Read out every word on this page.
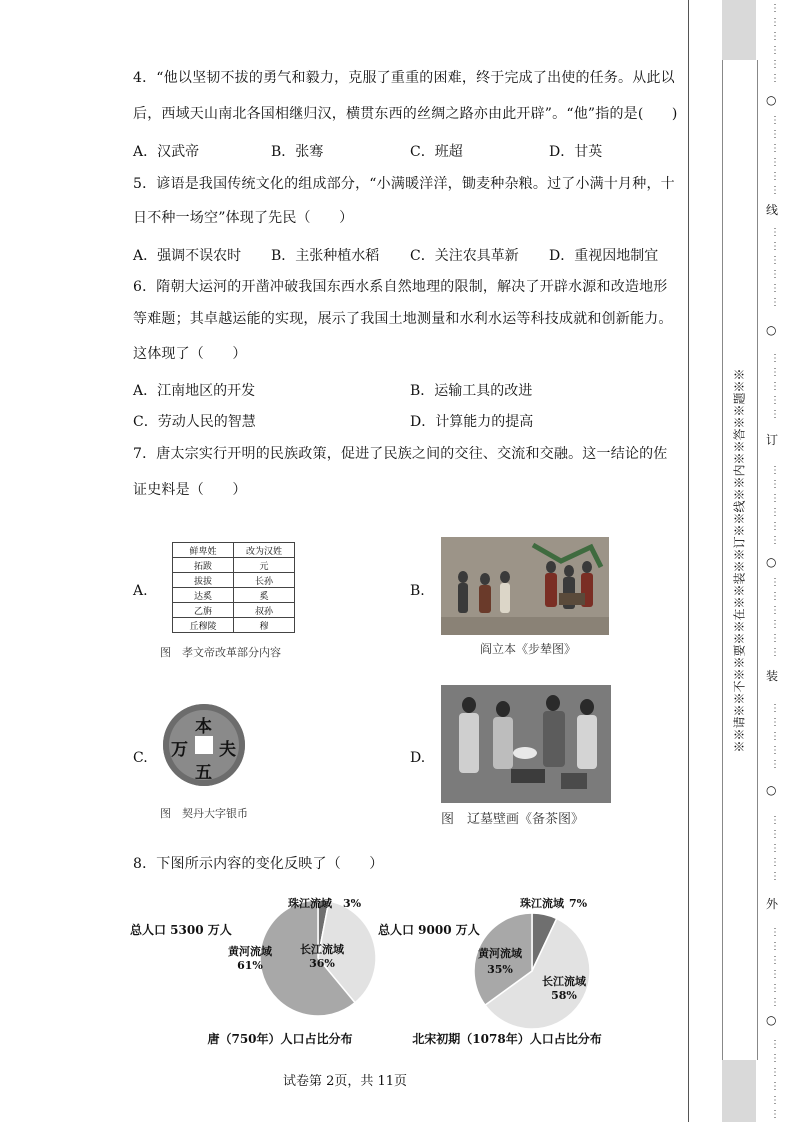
4．“他以坚韧不拔的勇气和毅力，克服了重重的困难，终于完成了出使的任务。从此以
后，西域天山南北各国相继归汉，横贯东西的丝绸之路亦由此开辟”。“他”指的是(　　)
A．汉武帝	B．张骞	C．班超	D．甘英
5．谚语是我国传统文化的组成部分，“小满暖洋洋，锄麦种杂粮。过了小满十月种，十
日不种一场空”体现了先民（　　）
A．强调不误农时 B．主张种植水稻 C．关注农具革新 D．重视因地制宜
6．隋朝大运河的开凿冲破我国东西水系自然地理的限制，解决了开辟水源和改造地形
等难题；其卓越运能的实现，展示了我国土地测量和水利水运等科技成就和创新能力。
这体现了（　　）
A．江南地区的开发	B．运输工具的改进
C．劳动人民的智慧	D．计算能力的提高
7．唐太宗实行开明的民族政策，促进了民族之间的交往、交流和交融。这一结论的佐
证史料是（　　）
A.
鲜卑姓	改为汉姓
拓跋	元
拔拔	长孙
达奚	奚
乙旃	叔孙
丘穆陵	穆
图　孝文帝改革部分内容
B.
阎立本《步辇图》
C.
本
夫
五
万
图　契丹大字银币
D.
图　辽墓壁画《备茶图》
8．下图所示内容的变化反映了（　　）
黄河流域
61%
长江流域
36%
珠江流域 3%
总人口 5300 万人
唐（750年）人口占比分布
黄河流域
35%
长江流域
58%
珠江流域 7%
总人口 9000 万人
北宋初期（1078年）人口占比分布
试卷第 2页，共 11页
※※请※※不※※要※※在※※装※※订※※线※※内※※答※※题※※
⋮
⋮
⋮
⋮
⋮
⋮
⋮
⋮
⋮
⋮
⋮
⋮
⋮
⋮
⋮
⋮
⋮
⋮
⋮
⋮
⋮
⋮
⋮
⋮
⋮
⋮
⋮
⋮
⋮
⋮
⋮
⋮
⋮
⋮
⋮
⋮
⋮
⋮
⋮
⋮
⋮
⋮
⋮
⋮
⋮
⋮
⋮
⋮
⋮
⋮
⋮
⋮
⋮
⋮
⋮
⋮
⋮
○
线
○
订
○
装
○
外
○
